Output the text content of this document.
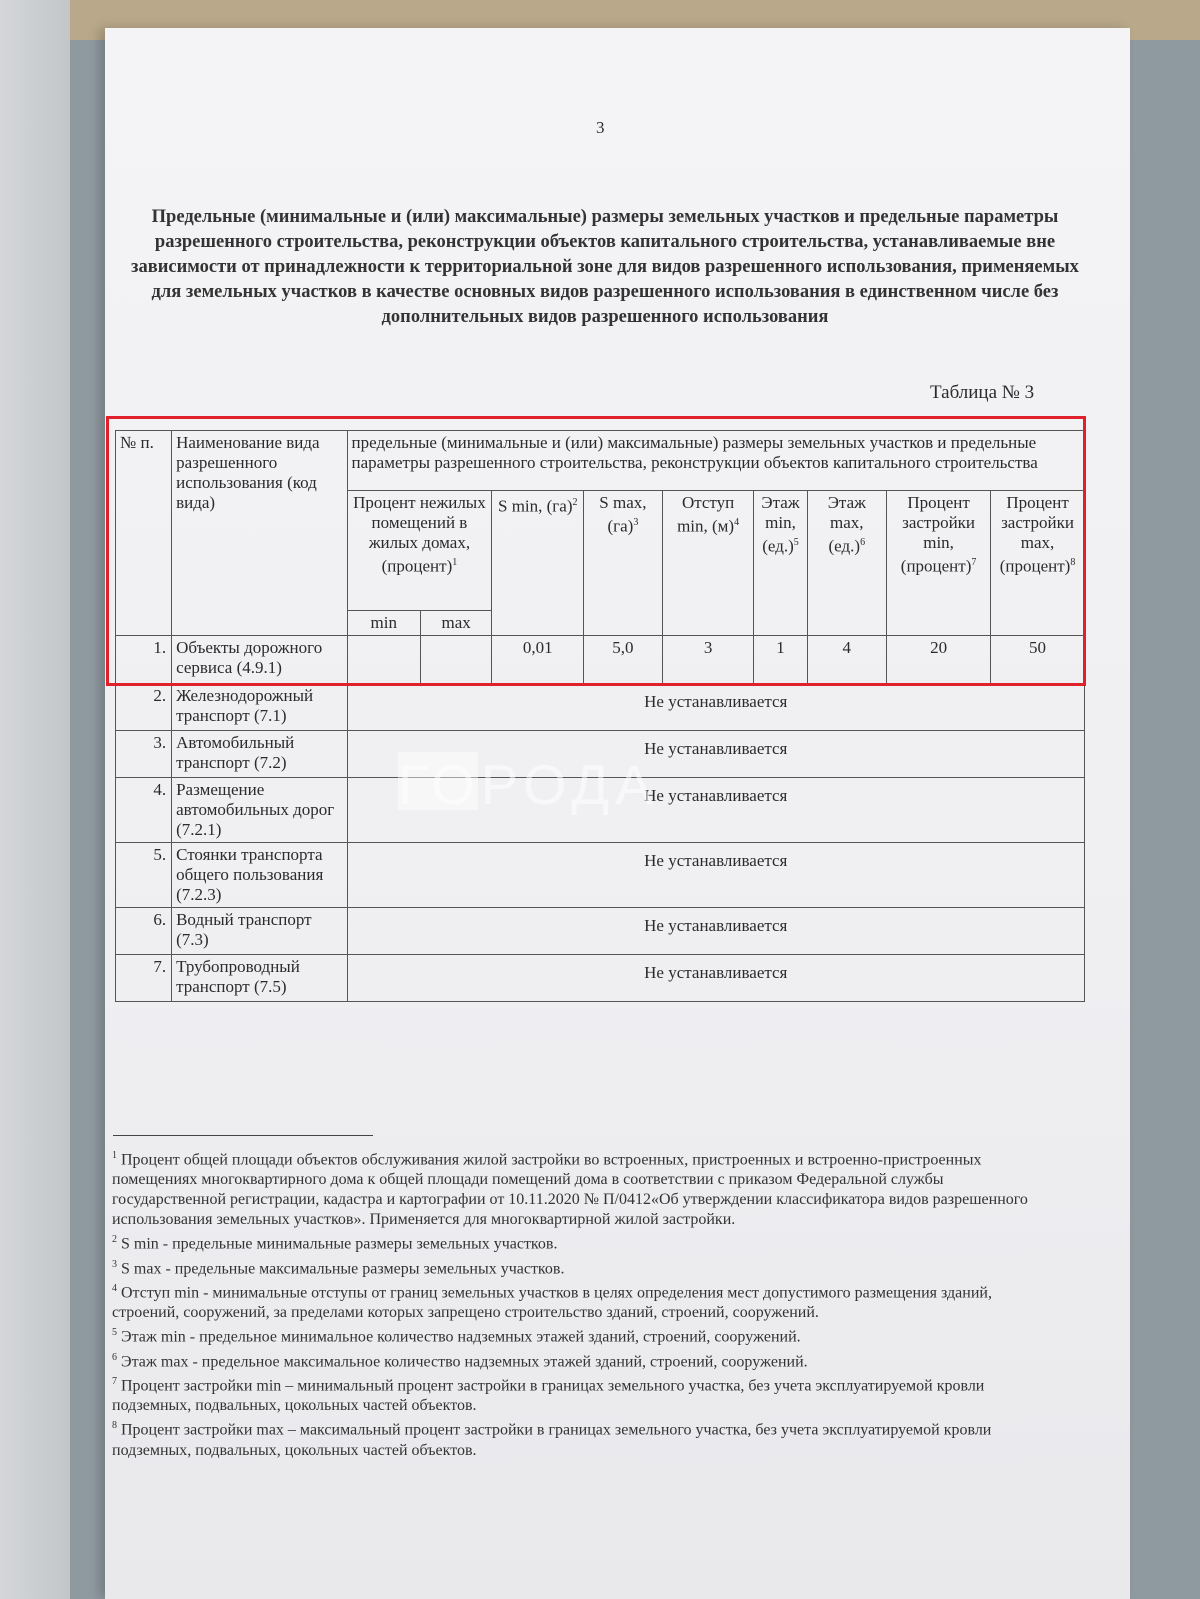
3
Предельные (минимальные и (или) максимальные) размеры земельных участков и предельные параметры разрешенного строительства, реконструкции объектов капитального строительства, устанавливаемые вне зависимости от принадлежности к территориальной зоне для видов разрешенного использования, применяемых для земельных участков в качестве основных видов разрешенного использования в единственном числе без дополнительных видов разрешенного использования
Таблица № 3
№ п.	Наименование вида разрешенного использования (код вида)	предельные (минимальные и (или) максимальные) размеры земельных участков и предельные параметры разрешенного строительства, реконструкции объектов капитального строительства								
		Процент нежилых помещений в жилых домах,(процент)$^1$		S min, (га)$^2$	S max, (га)$^3$	Отступ min, $(м)^4$	Этаж min, $(ед.)^5$	Этаж max, $(ед.)^6$	Процент застройки min, (процент)$^7$	Процент застройки max, (процент)$^8$
		min	max							
1.	Объекты дорожного сервиса (4.9.1)			0,01	5,0	3	1	4	20	50
2.	Железнодорожный транспорт (7.1)	Не устанавливается								
3.	Автомобильный транспорт (7.2)	Не устанавливается								
4.	Размещение автомобильных дорог (7.2.1)	Не устанавливается								
5.	Стоянки транспорта общего пользования (7.2.3)	Не устанавливается								
6.	Водный транспорт (7.3)	Не устанавливается								
7.	Трубопроводный транспорт (7.5)	Не устанавливается								
ГОРОДА

$^1$ Процент общей площади объектов обслуживания жилой застройки во встроенных, пристроенных и встроенно-пристроенных помещениях многоквартирного дома к общей площади помещений дома в соответствии с приказом Федеральной службы государственной регистрации, кадастра и картографии от 10.11.2020 № П/0412«Об утверждении классификатора видов разрешенного использования земельных участков». Применяется для многоквартирной жилой застройки.

$^2$ S min - предельные минимальные размеры земельных участков.

$^3$ S max - предельные максимальные размеры земельных участков.

$^4$ Отступ min - минимальные отступы от границ земельных участков в целях определения мест допустимого размещения зданий, строений, сооружений, за пределами которых запрещено строительство зданий, строений, сооружений.

$^5$ Этаж min - предельное минимальное количество надземных этажей зданий, строений, сооружений.

$^6$ Этаж max - предельное максимальное количество надземных этажей зданий, строений, сооружений.

$^7$ Процент застройки min – минимальный процент застройки в границах земельного участка, без учета эксплуатируемой кровли подземных, подвальных, цокольных частей объектов.

$^8$ Процент застройки max – максимальный процент застройки в границах земельного участка, без учета эксплуатируемой кровли подземных, подвальных, цокольных частей объектов.
